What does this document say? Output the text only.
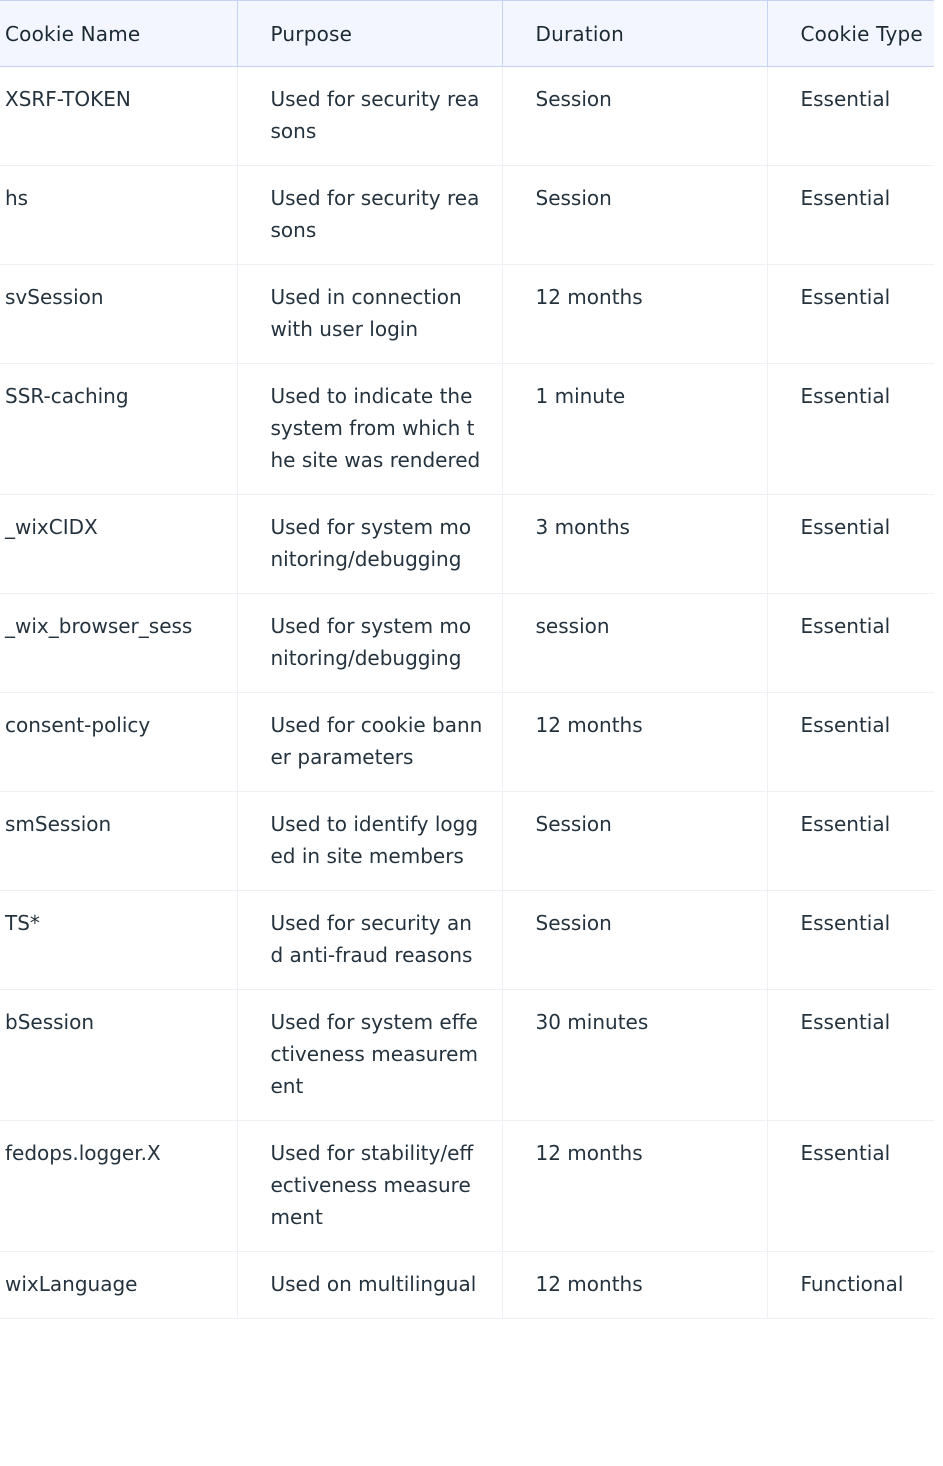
Cookie Name	Purpose	Duration	Cookie Type
XSRF-TOKEN	Used for security reasons	Session	Essential
hs	Used for security reasons	Session	Essential
svSession	Used in connection with user login	12 months	Essential
SSR-caching	Used to indicate the system from which the site was rendered	1 minute	Essential
_wixCIDX	Used for system monitoring/debugging	3 months	Essential
_wix_browser_sess	Used for system monitoring/debugging	session	Essential
consent-policy	Used for cookie banner parameters	12 months	Essential
smSession	Used to identify logged in site members	Session	Essential
TS*	Used for security and anti-fraud reasons	Session	Essential
bSession	Used for system effectiveness measurement	30 minutes	Essential
fedops.logger.X	Used for stability/effectiveness measurement	12 months	Essential
wixLanguage	Used on multilingual	12 months	Functional
